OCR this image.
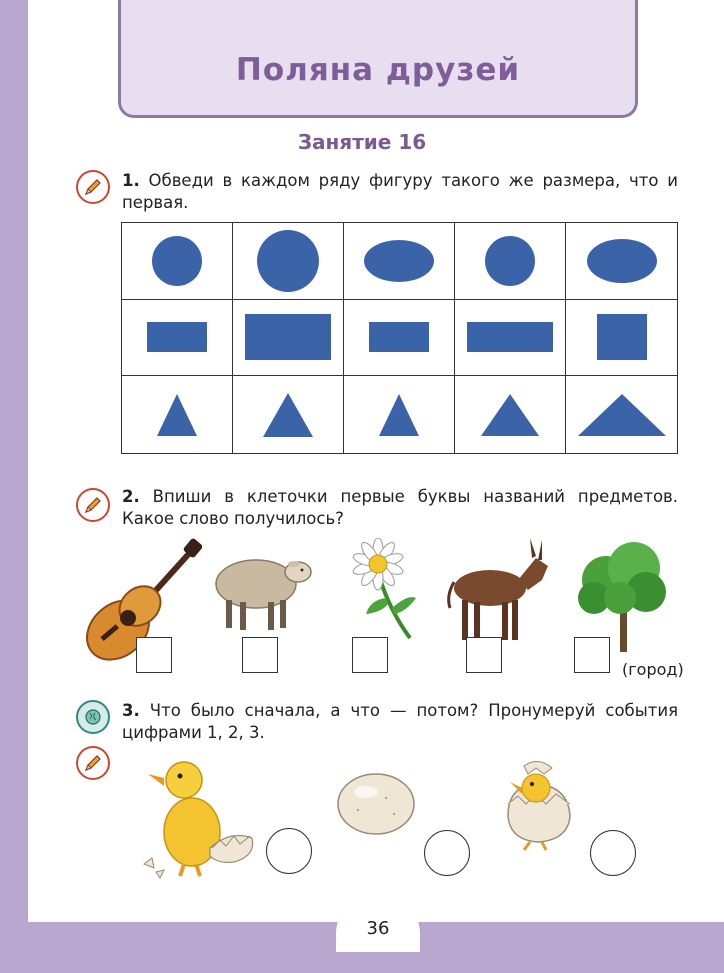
Поляна друзей
Занятие 16
1. Обведи в каждом ряду фигуру такого же размера, что и первая.
2. Впиши в клеточки первые буквы названий предметов. Какое слово получилось?
(город)
3. Что было сначала, а что — потом? Пронумеруй события цифрами 1, 2, 3.
36
